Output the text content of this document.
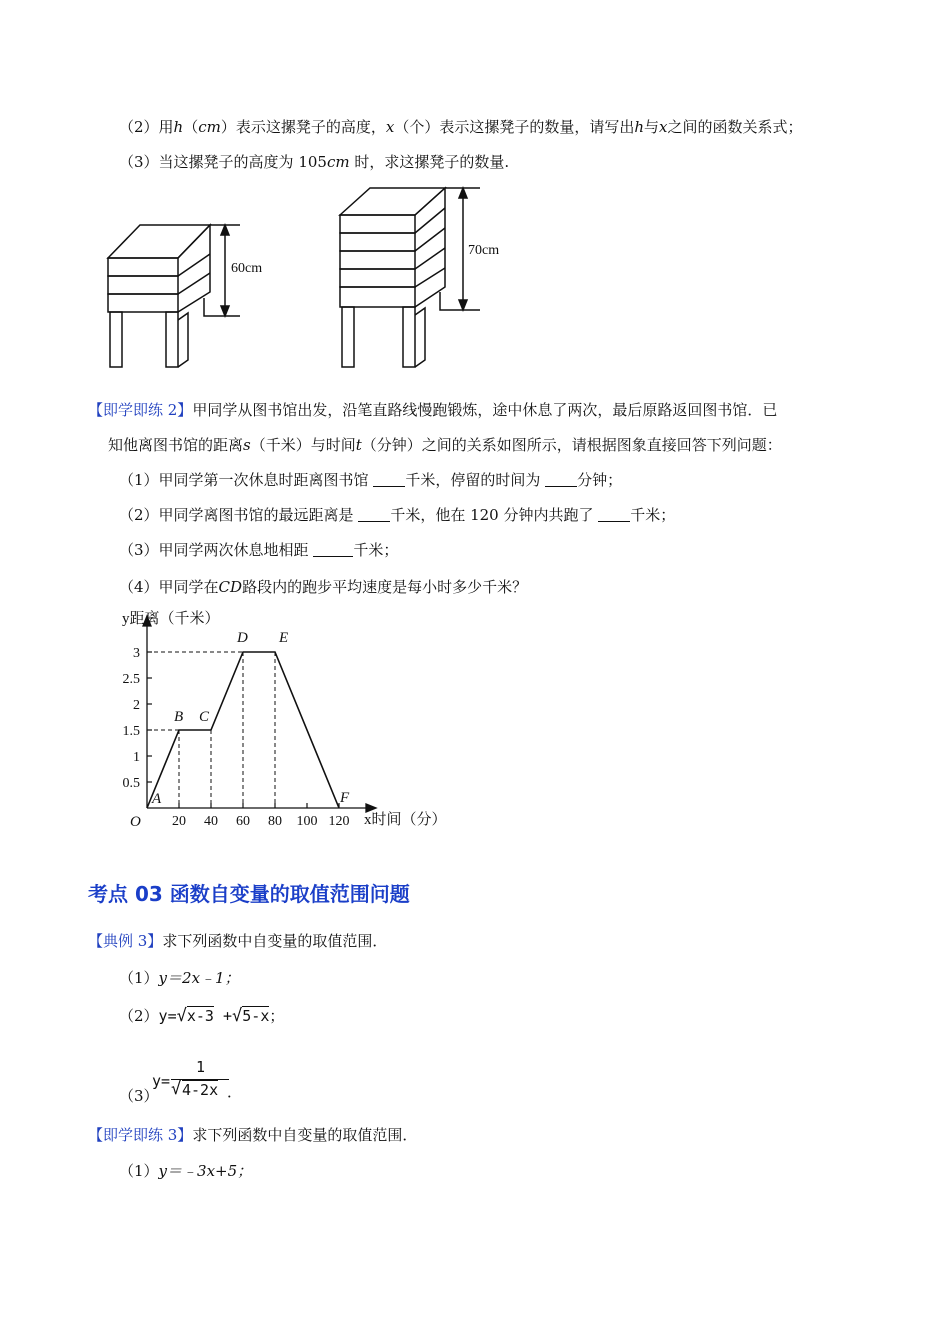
（2）用h（cm）表示这摞凳子的高度，x（个）表示这摞凳子的数量，请写出h与x之间的函数关系式；
（3）当这摞凳子的高度为 105cm 时，求这摞凳子的数量.
60cm
70cm
【即学即练 2】甲同学从图书馆出发，沿笔直路线慢跑锻炼，途中休息了两次，最后原路返回图书馆．已
知他离图书馆的距离s（千米）与时间t（分钟）之间的关系如图所示，请根据图象直接回答下列问题：
（1）甲同学第一次休息时距离图书馆 千米，停留的时间为 分钟；
（2）甲同学离图书馆的最远距离是 千米，他在 120 分钟内共跑了 千米；
（3）甲同学两次休息地相距	千米；
（4）甲同学在CD路段内的跑步平均速度是每小时多少千米？
20 40 60 80 100 120
0.5
1
1.5
2
2.5
3
A
B C
D E
F
y距离（千米）
x时间（分）
O
考点 03 函数自变量的取值范围问题
【典例 3】求下列函数中自变量的取值范围．
（1）y＝2x﹣1；
（2）y=√x-3 +√5-x；
（3）
y=
1
√ 4-2x ．
【即学即练 3】求下列函数中自变量的取值范围．
（1）y＝﹣3x+5；
